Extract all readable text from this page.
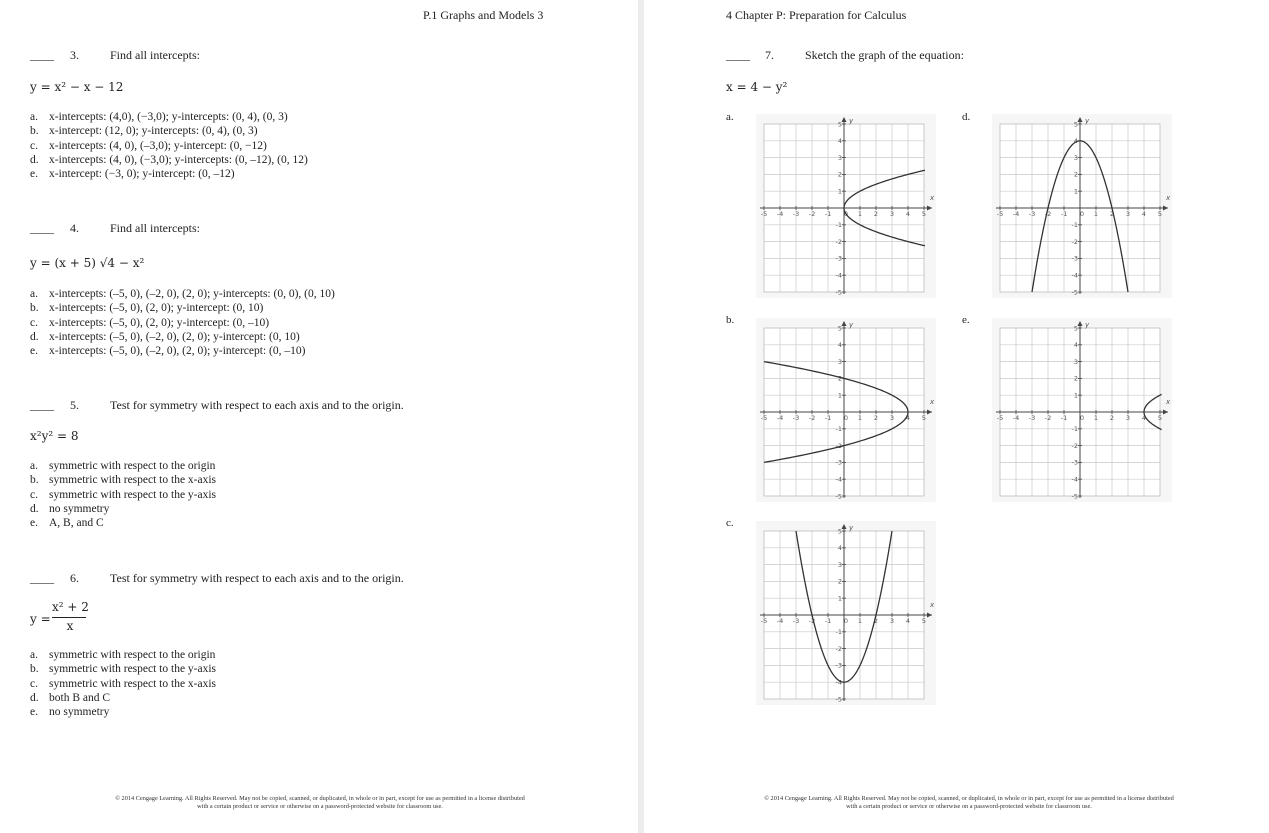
P.1 Graphs and Models 3
____ 3.	Find all intercepts:
y = x² − x − 12
a. x-intercepts: (4,0), (−3,0); y-intercepts: (0, 4), (0, 3)
b. x-intercept: (12, 0); y-intercepts: (0, 4), (0, 3)
c. x-intercepts: (4, 0), (–3,0); y-intercept: (0, −12)
d. x-intercepts: (4, 0), (−3,0); y-intercepts: (0, –12), (0, 12)
e. x-intercept: (−3, 0); y-intercept: (0, –12)
____ 4.	Find all intercepts:
y = (x + 5) √4 − x²
a. x-intercepts: (–5, 0), (–2, 0), (2, 0); y-intercepts: (0, 0), (0, 10)
b. x-intercepts: (–5, 0), (2, 0); y-intercept: (0, 10)
c. x-intercepts: (–5, 0), (2, 0); y-intercept: (0, –10)
d. x-intercepts: (–5, 0), (–2, 0), (2, 0); y-intercept: (0, 10)
e. x-intercepts: (–5, 0), (–2, 0), (2, 0); y-intercept: (0, –10)
____ 5.	Test for symmetry with respect to each axis and to the origin.
x²y² = 8
a. symmetric with respect to the origin
b. symmetric with respect to the x-axis
c. symmetric with respect to the y-axis
d. no symmetry
e. A, B, and C
____ 6.	Test for symmetry with respect to each axis and to the origin.
y =
x² + 2
x
a. symmetric with respect to the origin
b. symmetric with respect to the y-axis
c. symmetric with respect to the x-axis
d. both B and C
e. no symmetry
© 2014 Cengage Learning. All Rights Reserved. May not be copied, scanned, or duplicated, in whole or in part, except for use as permitted in a license distributed
with a certain product or service or otherwise on a password-protected website for classroom use.
4 Chapter P: Preparation for Calculus
____ 7.	Sketch the graph of the equation:
x = 4 − y²
a.
b.
c.
d.
e.
x
y
-5 -4 -3 -2 -1 0 1 2 3 4 5
5
4
3
2
1
-1
-2
-3
-4
-5
x
y
-5 -4 -3 -2 -1 0 1 2 3 4 5
5
4
3
2
1
-1
-2
-3
-4
-5
x
y
-5 -4 -3 -2 -1 0 1 2 3 4 5
5
4
3
2
1
-1
-2
-3
-4
-5
x
y
-5 -4 -3 -2 -1 0 1 2 3 4 5
5
4
3
2
1
-1
-2
-3
-4
-5
x
y
-5 -4 -3 -2 -1 0 1 2 3 4 5
5
4
3
2
1
-1
-2
-3
-4
-5
© 2014 Cengage Learning. All Rights Reserved. May not be copied, scanned, or duplicated, in whole or in part, except for use as permitted in a license distributed
with a certain product or service or otherwise on a password-protected website for classroom use.
